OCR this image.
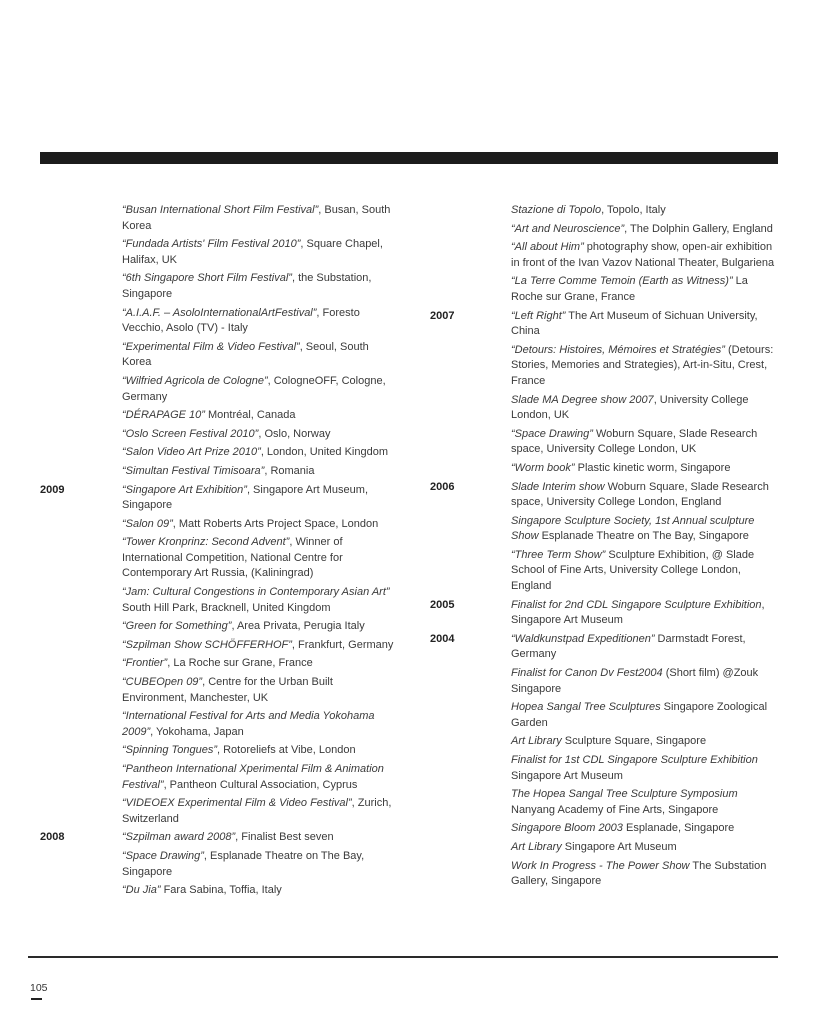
“Busan International Short Film Festival”, Busan, South Korea
“Fundada Artists' Film Festival 2010”, Square Chapel, Halifax, UK
“6th Singapore Short Film Festival”, the Substation, Singapore
“A.I.A.F. – AsoloInternationalArtFestival”, Foresto Vecchio, Asolo (TV) - Italy
“Experimental Film & Video Festival”, Seoul, South Korea
“Wilfried Agricola de Cologne”, CologneOFF, Cologne, Germany
“DÉRAPAGE 10” Montréal, Canada
“Oslo Screen Festival 2010”, Oslo, Norway
“Salon Video Art Prize 2010”, London, United Kingdom
“Simultan Festival Timisoara”, Romania
2009	“Singapore Art Exhibition”, Singapore Art Museum, Singapore
“Salon 09”, Matt Roberts Arts Project Space, London
“Tower Kronprinz: Second Advent”, Winner of International Competition, National Centre for Contemporary Art Russia, (Kaliningrad)
“Jam: Cultural Congestions in Contemporary Asian Art” South Hill Park, Bracknell, United Kingdom
“Green for Something”, Area Privata, Perugia Italy
“Szpilman Show SCHÖFFERHOF”, Frankfurt, Germany
“Frontier”, La Roche sur Grane, France
“CUBEOpen 09”, Centre for the Urban Built Environment, Manchester, UK
“International Festival for Arts and Media Yokohama 2009”, Yokohama, Japan
“Spinning Tongues”, Rotoreliefs at Vibe, London
“Pantheon International Xperimental Film & Animation Festival”, Pantheon Cultural Association, Cyprus
“VIDEOEX Experimental Film & Video Festival”, Zurich, Switzerland
2008	“Szpilman award 2008”, Finalist Best seven
“Space Drawing”, Esplanade Theatre on The Bay, Singapore
“Du Jia” Fara Sabina, Toffia, Italy
Stazione di Topolo, Topolo, Italy
“Art and Neuroscience”, The Dolphin Gallery, England
“All about Him” photography show, open-air exhibition in front of the Ivan Vazov National Theater, Bulgariena
“La Terre Comme Temoin (Earth as Witness)” La Roche sur Grane, France
2007	“Left Right” The Art Museum of Sichuan University, China
“Detours: Histoires, Mémoires et Stratégies” (Detours: Stories, Memories and Strategies), Art-in-Situ, Crest, France
Slade MA Degree show 2007, University College London, UK
“Space Drawing” Woburn Square, Slade Research space, University College London, UK
“Worm book” Plastic kinetic worm, Singapore
2006	Slade Interim show Woburn Square, Slade Research space, University College London, England
Singapore Sculpture Society, 1st Annual sculpture Show Esplanade Theatre on The Bay, Singapore
“Three Term Show” Sculpture Exhibition, @ Slade School of Fine Arts, University College London, England
2005	Finalist for 2nd CDL Singapore Sculpture Exhibition, Singapore Art Museum
2004	“Waldkunstpad Expeditionen” Darmstadt Forest, Germany
Finalist for Canon Dv Fest2004 (Short film) @Zouk Singapore
Hopea Sangal Tree Sculptures Singapore Zoological Garden
Art Library Sculpture Square, Singapore
Finalist for 1st CDL Singapore Sculpture Exhibition Singapore Art Museum
The Hopea Sangal Tree Sculpture Symposium Nanyang Academy of Fine Arts, Singapore
Singapore Bloom 2003 Esplanade, Singapore
Art Library Singapore Art Museum
Work In Progress - The Power Show The Substation Gallery, Singapore
105
